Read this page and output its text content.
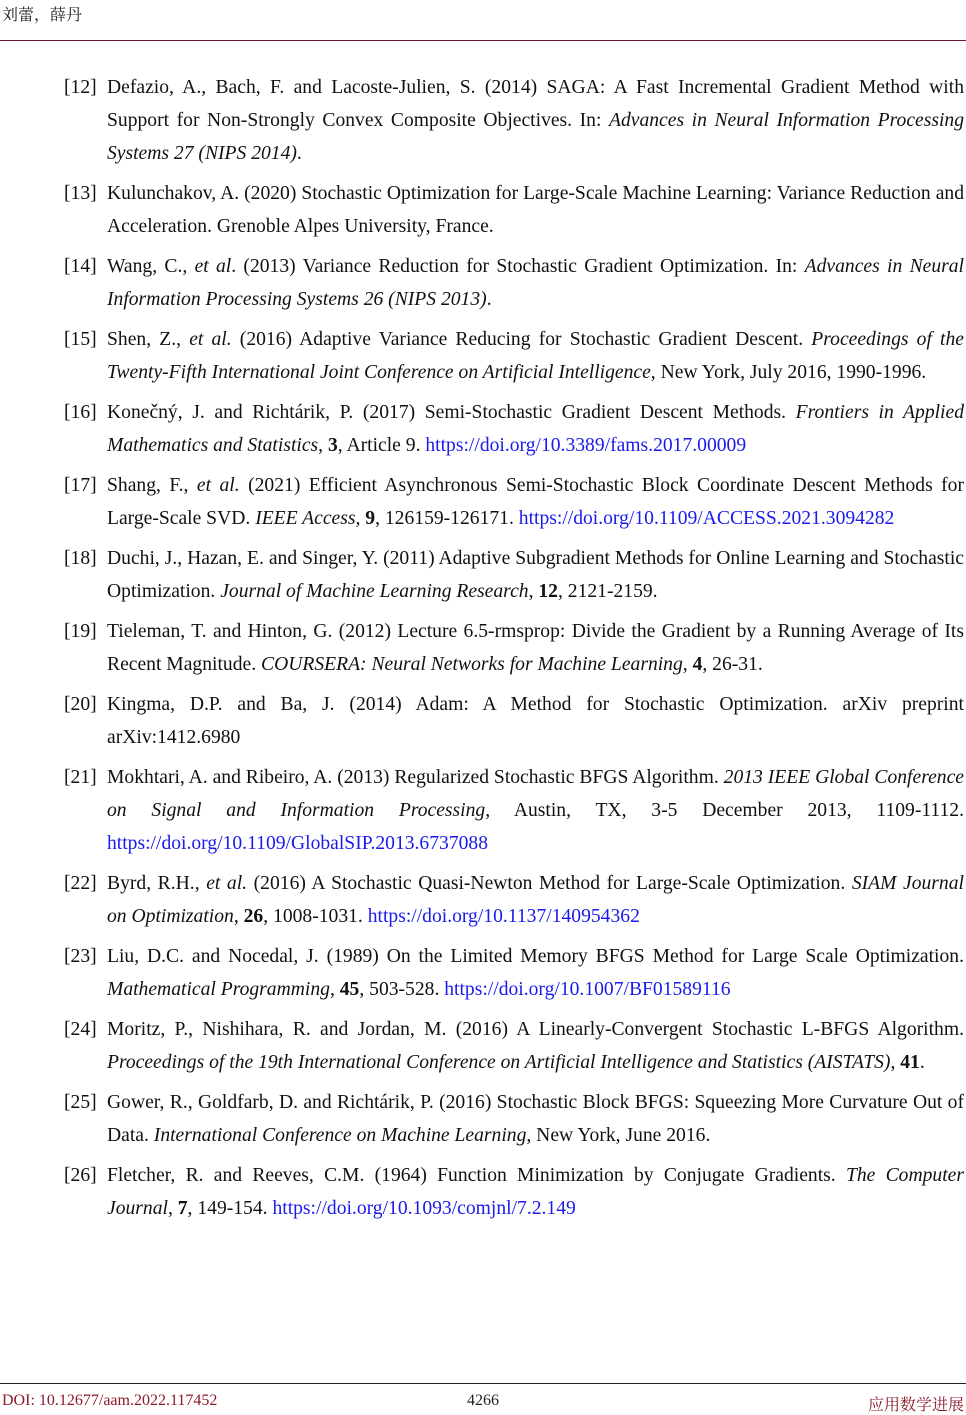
刘蕾，薛丹
[12] Defazio, A., Bach, F. and Lacoste-Julien, S. (2014) SAGA: A Fast Incremental Gradient Method with Support for Non-Strongly Convex Composite Objectives. In: Advances in Neural Information Processing Systems 27 (NIPS 2014).
[13] Kulunchakov, A. (2020) Stochastic Optimization for Large-Scale Machine Learning: Variance Reduction and Acceleration. Grenoble Alpes University, France.
[14] Wang, C., et al. (2013) Variance Reduction for Stochastic Gradient Optimization. In: Advances in Neural Information Processing Systems 26 (NIPS 2013).
[15] Shen, Z., et al. (2016) Adaptive Variance Reducing for Stochastic Gradient Descent. Proceedings of the Twenty-Fifth International Joint Conference on Artificial Intelligence, New York, July 2016, 1990-1996.
[16] Konečný, J. and Richtárik, P. (2017) Semi-Stochastic Gradient Descent Methods. Frontiers in Applied Mathematics and Statistics, 3, Article 9. https://doi.org/10.3389/fams.2017.00009
[17] Shang, F., et al. (2021) Efficient Asynchronous Semi-Stochastic Block Coordinate Descent Methods for Large-Scale SVD. IEEE Access, 9, 126159-126171. https://doi.org/10.1109/ACCESS.2021.3094282
[18] Duchi, J., Hazan, E. and Singer, Y. (2011) Adaptive Subgradient Methods for Online Learning and Stochastic Optimization. Journal of Machine Learning Research, 12, 2121-2159.
[19] Tieleman, T. and Hinton, G. (2012) Lecture 6.5-rmsprop: Divide the Gradient by a Running Average of Its Recent Magnitude. COURSERA: Neural Networks for Machine Learning, 4, 26-31.
[20] Kingma, D.P. and Ba, J. (2014) Adam: A Method for Stochastic Optimization. arXiv preprint arXiv:1412.6980
[21] Mokhtari, A. and Ribeiro, A. (2013) Regularized Stochastic BFGS Algorithm. 2013 IEEE Global Conference on Signal and Information Processing, Austin, TX, 3-5 December 2013, 1109-1112. https://doi.org/10.1109/GlobalSIP.2013.6737088
[22] Byrd, R.H., et al. (2016) A Stochastic Quasi-Newton Method for Large-Scale Optimization. SIAM Journal on Optimization, 26, 1008-1031. https://doi.org/10.1137/140954362
[23] Liu, D.C. and Nocedal, J. (1989) On the Limited Memory BFGS Method for Large Scale Optimization. Mathematical Programming, 45, 503-528. https://doi.org/10.1007/BF01589116
[24] Moritz, P., Nishihara, R. and Jordan, M. (2016) A Linearly-Convergent Stochastic L-BFGS Algorithm. Proceedings of the 19th International Conference on Artificial Intelligence and Statistics (AISTATS), 41.
[25] Gower, R., Goldfarb, D. and Richtárik, P. (2016) Stochastic Block BFGS: Squeezing More Curvature Out of Data. International Conference on Machine Learning, New York, June 2016.
[26] Fletcher, R. and Reeves, C.M. (1964) Function Minimization by Conjugate Gradients. The Computer Journal, 7, 149-154. https://doi.org/10.1093/comjnl/7.2.149
DOI: 10.12677/aam.2022.117452	4266	应用数学进展
